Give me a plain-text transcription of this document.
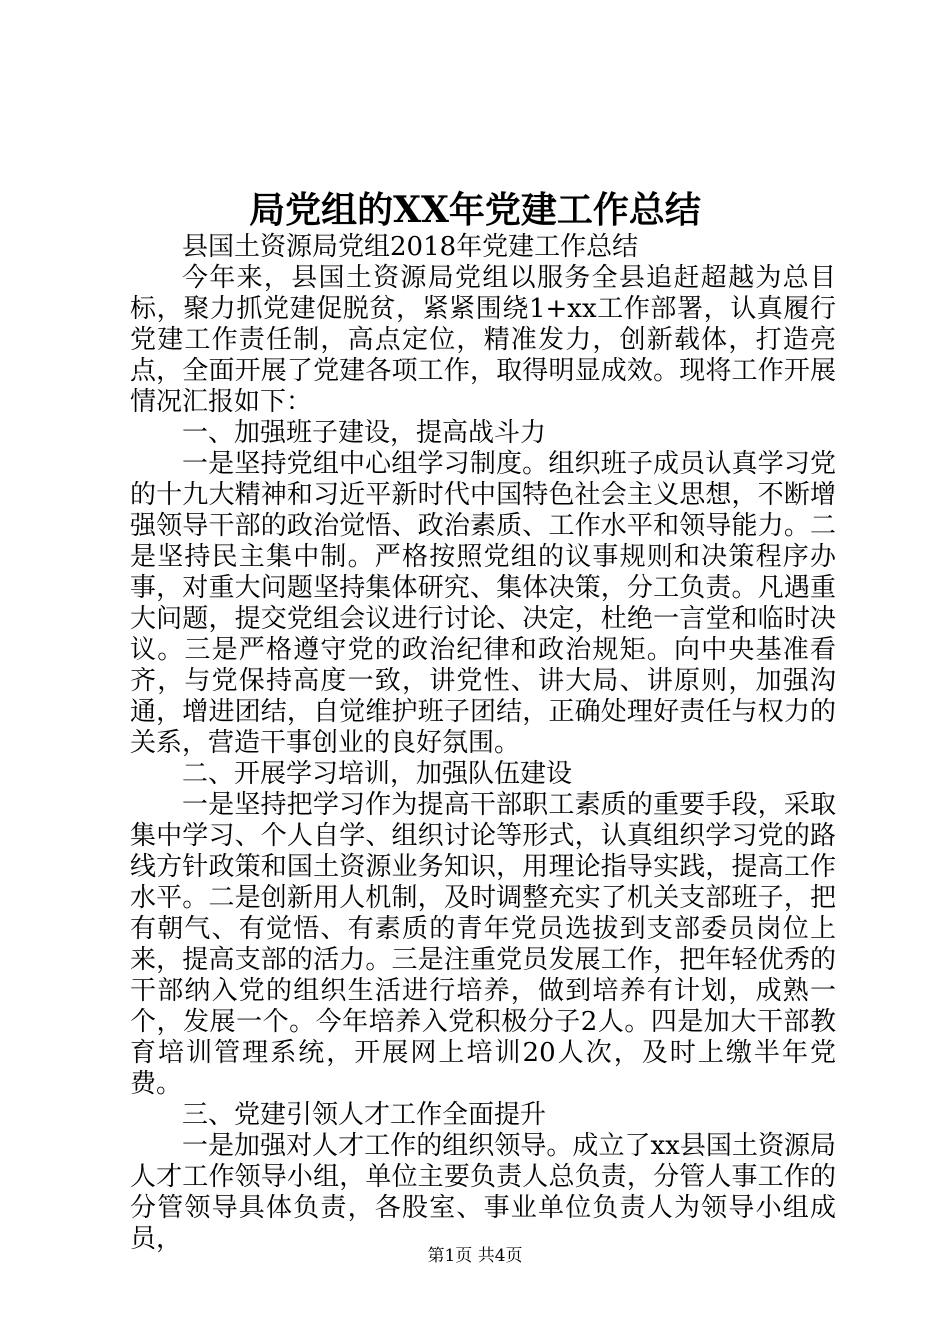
局党组的XX年党建工作总结

县国土资源局党组2018年党建工作总结

今年来，县国土资源局党组以服务全县追赶超越为总目标，聚力抓党建促脱贫，紧紧围绕1+xx工作部署，认真履行党建工作责任制，高点定位，精准发力，创新载体，打造亮点，全面开展了党建各项工作，取得明显成效。现将工作开展情况汇报如下：

一、加强班子建设，提高战斗力

一是坚持党组中心组学习制度。组织班子成员认真学习党的十九大精神和习近平新时代中国特色社会主义思想，不断增强领导干部的政治觉悟、政治素质、工作水平和领导能力。二是坚持民主集中制。严格按照党组的议事规则和决策程序办事，对重大问题坚持集体研究、集体决策，分工负责。凡遇重大问题，提交党组会议进行讨论、决定，杜绝一言堂和临时决议。三是严格遵守党的政治纪律和政治规矩。向中央基准看齐，与党保持高度一致，讲党性、讲大局、讲原则，加强沟通，增进团结，自觉维护班子团结，正确处理好责任与权力的关系，营造干事创业的良好氛围。

二、开展学习培训，加强队伍建设

一是坚持把学习作为提高干部职工素质的重要手段，采取集中学习、个人自学、组织讨论等形式，认真组织学习党的路线方针政策和国土资源业务知识，用理论指导实践，提高工作水平。二是创新用人机制，及时调整充实了机关支部班子，把有朝气、有觉悟、有素质的青年党员选拔到支部委员岗位上来，提高支部的活力。三是注重党员发展工作，把年轻优秀的干部纳入党的组织生活进行培养，做到培养有计划，成熟一个，发展一个。今年培养入党积极分子2人。四是加大干部教育培训管理系统，开展网上培训20人次，及时上缴半年党费。

三、党建引领人才工作全面提升

一是加强对人才工作的组织领导。成立了xx县国土资源局人才工作领导小组，单位主要负责人总负责，分管人事工作的分管领导具体负责，各股室、事业单位负责人为领导小组成员，

第1页 共4页
